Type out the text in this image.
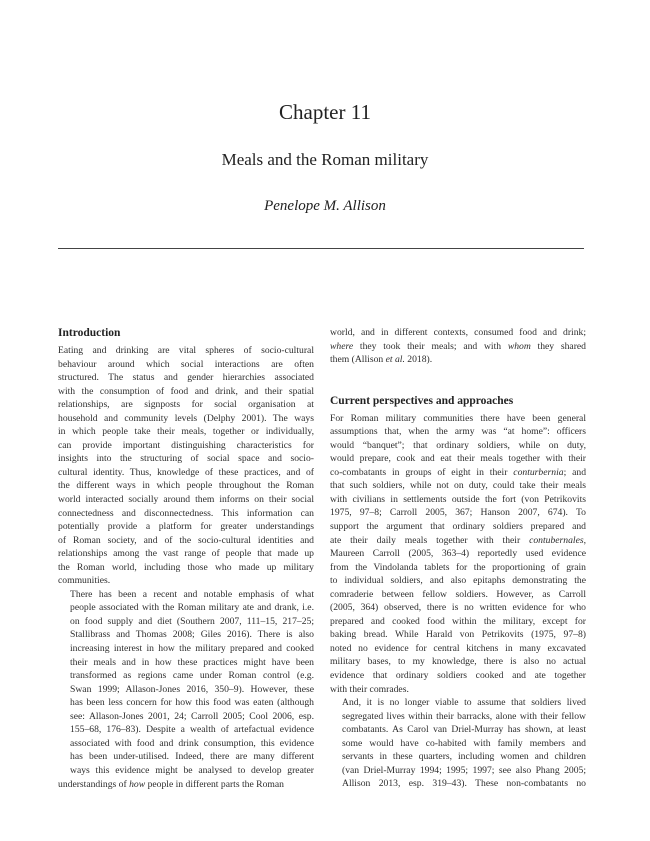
Chapter 11
Meals and the Roman military
Penelope M. Allison
Introduction

Eating and drinking are vital spheres of socio-cultural
behaviour around which social interactions are often
structured. The status and gender hierarchies associated
with the consumption of food and drink, and their spatial
relationships, are signposts for social organisation at
household and community levels (Delphy 2001). The ways
in which people take their meals, together or individually,
can provide important distinguishing characteristics for
insights into the structuring of social space and socio-
cultural identity. Thus, knowledge of these practices, and of
the different ways in which people throughout the Roman
world interacted socially around them informs on their social
connectedness and disconnectedness. This information can
potentially provide a platform for greater understandings
of Roman society, and of the socio-cultural identities and
relationships among the vast range of people that made up
the Roman world, including those who made up military
communities.

There has been a recent and notable emphasis of what
people associated with the Roman military ate and drank, i.e.
on food supply and diet (Southern 2007, 111–15, 217–25;
Stallibrass and Thomas 2008; Giles 2016). There is also
increasing interest in how the military prepared and cooked
their meals and in how these practices might have been
transformed as regions came under Roman control (e.g.
Swan 1999; Allason-Jones 2016, 350–9). However, these
has been less concern for how this food was eaten (although
see: Allason-Jones 2001, 24; Carroll 2005; Cool 2006, esp.
155–68, 176–83). Despite a wealth of artefactual evidence
associated with food and drink consumption, this evidence
has been under-utilised. Indeed, there are many different
ways this evidence might be analysed to develop greater

understandings of how people in different parts the Roman
world, and in different contexts, consumed food and drink;
where they took their meals; and with whom they shared
them (Allison et al. 2018).
Current perspectives and approaches

For Roman military communities there have been general
assumptions that, when the army was “at home”: officers
would “banquet”; that ordinary soldiers, while on duty,
would prepare, cook and eat their meals together with their

co-combatants in groups of eight in their conturbernia; and

that such soldiers, while not on duty, could take their meals
with civilians in settlements outside the fort (von Petrikovits
1975, 97–8; Carroll 2005, 367; Hanson 2007, 674). To
support the argument that ordinary soldiers prepared and

ate their daily meals together with their contubernales,

Maureen Carroll (2005, 363–4) reportedly used evidence
from the Vindolanda tablets for the proportioning of grain
to individual soldiers, and also epitaphs demonstrating the
comraderie between fellow soldiers. However, as Carroll
(2005, 364) observed, there is no written evidence for who
prepared and cooked food within the military, except for
baking bread. While Harald von Petrikovits (1975, 97–8)
noted no evidence for central kitchens in many excavated
military bases, to my knowledge, there is also no actual
evidence that ordinary soldiers cooked and ate together
with their comrades.

And, it is no longer viable to assume that soldiers lived
segregated lives within their barracks, alone with their fellow
combatants. As Carol van Driel-Murray has shown, at least
some would have co-habited with family members and
servants in these quarters, including women and children
(van Driel-Murray 1994; 1995; 1997; see also Phang 2005;
Allison 2013, esp. 319–43). These non-combatants no
